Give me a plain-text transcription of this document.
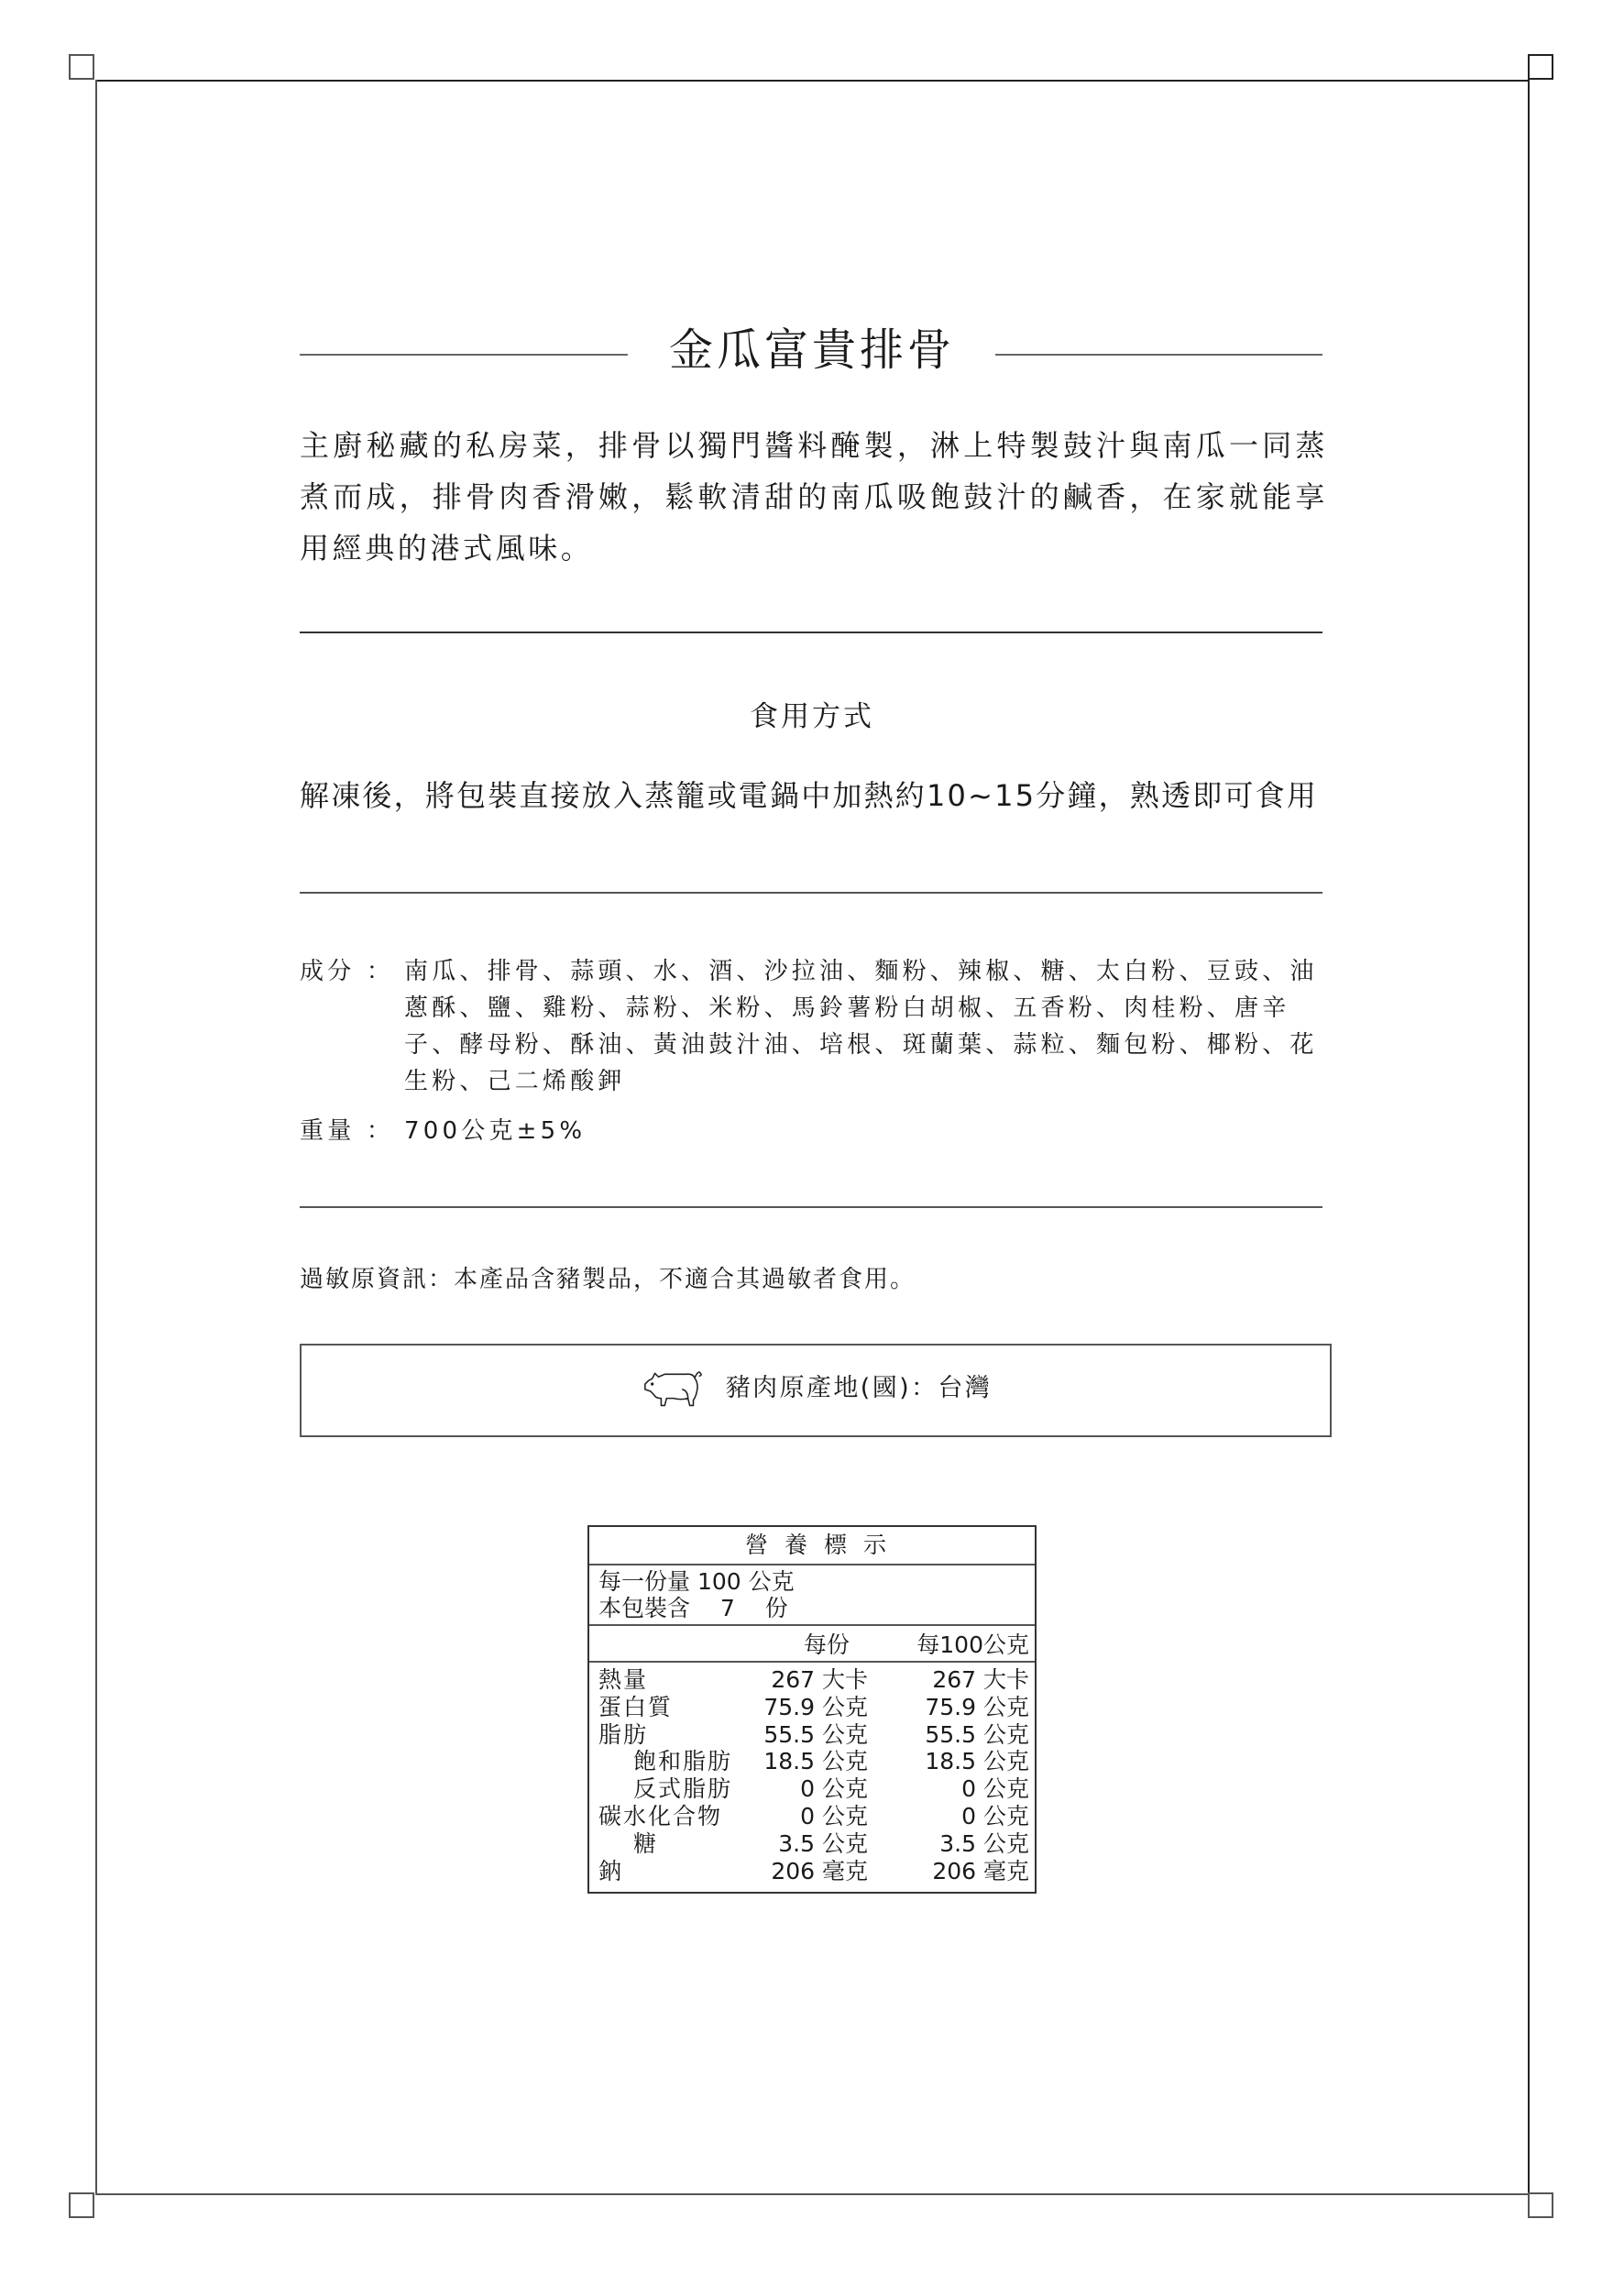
金瓜富貴排骨

主廚秘藏的私房菜，排骨以獨門醬料醃製，淋上特製鼓汁與南瓜一同蒸煮而成，排骨肉香滑嫩，鬆軟清甜的南瓜吸飽鼓汁的鹹香，在家就能享用經典的港式風味。

食用方式

解凍後，將包裝直接放入蒸籠或電鍋中加熱約10~15分鐘，熟透即可食用

成分 ： 南瓜、排骨、蒜頭、水、酒、沙拉油、麵粉、辣椒、糖、太白粉、豆豉、油蔥酥、鹽、雞粉、蒜粉、米粉、馬鈴薯粉白胡椒、五香粉、肉桂粉、唐辛子、酵母粉、酥油、黃油鼓汁油、培根、斑蘭葉、蒜粒、麵包粉、椰粉、花生粉、己二烯酸鉀
重量 ： 700公克±5%

過敏原資訊：本產品含豬製品，不適合其過敏者食用。

豬肉原產地(國)：台灣
營養標示
每一份量 100 公克
本包裝含　 7 　份
每份	每100公克
熱量	267 大卡	267 大卡
蛋白質	75.9 公克 75.9 公克
脂肪	55.5 公克 55.5 公克
飽和脂肪 18.5 公克 18.5 公克
反式脂肪	0 公克	0 公克
碳水化合物	0 公克	0 公克
糖	3.5 公克	3.5 公克
鈉	206 毫克	206 毫克
